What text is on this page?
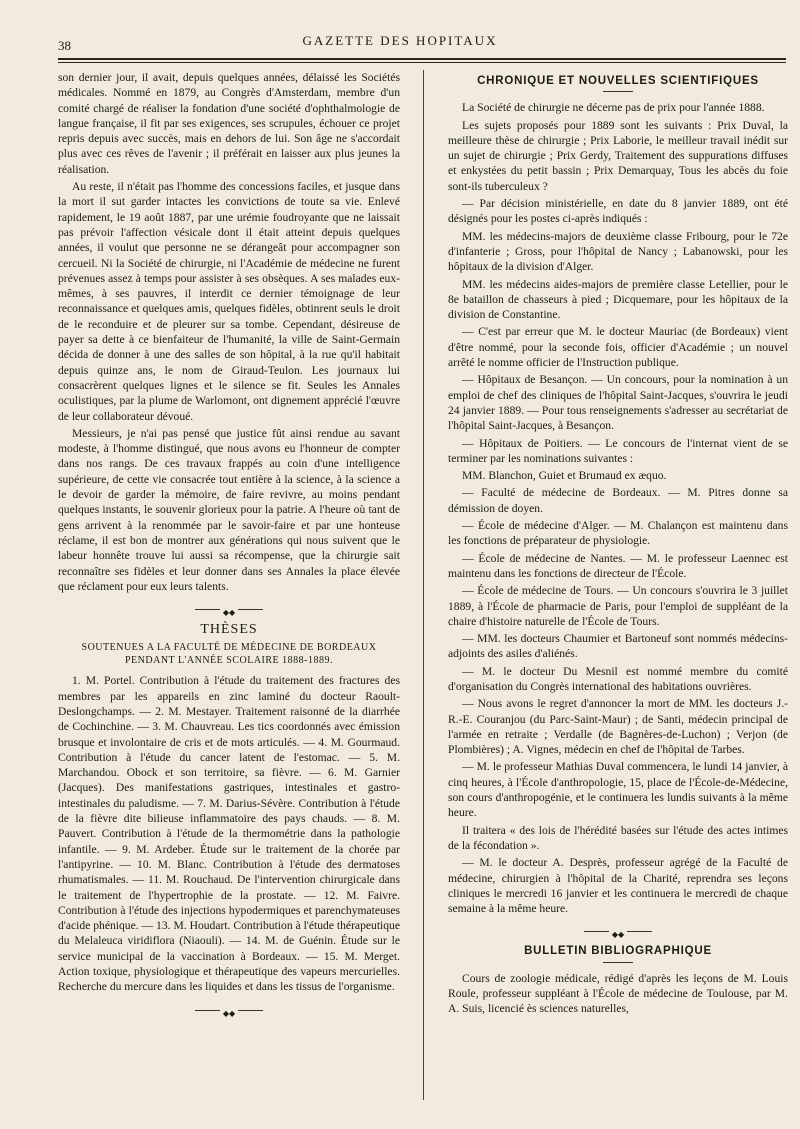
38	GAZETTE DES HOPITAUX

son dernier jour, il avait, depuis quelques années, délaissé les Sociétés médicales. Nommé en 1879, au Congrès d'Amsterdam, membre d'un comité chargé de réaliser la fondation d'une société d'ophthalmologie de langue française, il fit par ses exigences, ses scrupules, échouer ce projet repris depuis avec succès, mais en dehors de lui. Son âge ne s'accordait plus avec ces rêves de l'avenir ; il préférait en laisser aux plus jeunes la réalisation.

Au reste, il n'était pas l'homme des concessions faciles, et jusque dans la mort il sut garder intactes les convictions de toute sa vie. Enlevé rapidement, le 19 août 1887, par une urémie foudroyante que ne laissait pas prévoir l'affection vésicale dont il était atteint depuis quelques années, il voulut que personne ne se dérangeât pour accompagner son cercueil. Ni la Société de chirurgie, ni l'Académie de médecine ne furent prévenues assez à temps pour assister à ses obsèques. A ses malades eux-mêmes, à ses pauvres, il interdit ce dernier témoignage de leur reconnaissance et quelques amis, quelques fidèles, obtinrent seuls le droit de le reconduire et de pleurer sur sa tombe. Cependant, désireuse de payer sa dette à ce bienfaiteur de l'humanité, la ville de Saint-Germain décida de donner à une des salles de son hôpital, à la rue qu'il habitait depuis quinze ans, le nom de Giraud-Teulon. Les journaux lui consacrèrent quelques lignes et le silence se fit. Seules les Annales oculistiques, par la plume de Warlomont, ont dignement apprécié l'œuvre de leur collaborateur dévoué.

Messieurs, je n'ai pas pensé que justice fût ainsi rendue au savant modeste, à l'homme distingué, que nous avons eu l'honneur de compter dans nos rangs. De ces travaux frappés au coin d'une intelligence supérieure, de cette vie consacrée tout entière à la science, à la science a le devoir de garder la mémoire, de faire revivre, au moins pendant quelques instants, le souvenir glorieux pour la patrie. A l'heure où tant de gens arrivent à la renommée par le savoir-faire et par une honteuse réclame, il est bon de montrer aux générations qui nous suivent que le labeur honnête trouve lui aussi sa récompense, que la chirurgie sait reconnaître ses fidèles et leur donner dans ses Annales la place élevée que réclament pour eux leurs talents.

◆◆
THÈSES
SOUTENUES A LA FACULTÉ DE MÉDECINE DE BORDEAUX
PENDANT L'ANNÉE SCOLAIRE 1888-1889.

1. M. Portel. Contribution à l'étude du traitement des fractures des membres par les appareils en zinc laminé du docteur Raoult-Deslongchamps. — 2. M. Mestayer. Traitement raisonné de la diarrhée de Cochinchine. — 3. M. Chauvreau. Les tics coordonnés avec émission brusque et involontaire de cris et de mots articulés. — 4. M. Gourmaud. Contribution à l'étude du cancer latent de l'estomac. — 5. M. Marchandou. Obock et son territoire, sa fièvre. — 6. M. Garnier (Jacques). Des manifestations gastriques, intestinales et gastro-intestinales du paludisme. — 7. M. Darius-Sévère. Contribution à l'étude de la fièvre dite bilieuse inflammatoire des pays chauds. — 8. M. Pauvert. Contribution à l'étude de la thermométrie dans la pathologie infantile. — 9. M. Ardeber. Étude sur le traitement de la chorée par l'antipyrine. — 10. M. Blanc. Contribution à l'étude des dermatoses rhumatismales. — 11. M. Rouchaud. De l'intervention chirurgicale dans le traitement de l'hypertrophie de la prostate. — 12. M. Faivre. Contribution à l'étude des injections hypodermiques et parenchymateuses d'acide phénique. — 13. M. Houdart. Contribution à l'étude thérapeutique du Melaleuca viridiflora (Niaouli). — 14. M. de Guénin. Étude sur le service municipal de la vaccination à Bordeaux. — 15. M. Merget. Action toxique, physiologique et thérapeutique des vapeurs mercurielles. Recherche du mercure dans les liquides et dans les tissus de l'organisme.

◆◆
CHRONIQUE ET NOUVELLES SCIENTIFIQUES

La Société de chirurgie ne décerne pas de prix pour l'année 1888.

Les sujets proposés pour 1889 sont les suivants : Prix Duval, la meilleure thèse de chirurgie ; Prix Laborie, le meilleur travail inédit sur un sujet de chirurgie ; Prix Gerdy, Traitement des suppurations diffuses et enkystées du petit bassin ; Prix Demarquay, Tous les abcès du foie sont-ils tuberculeux ?

— Par décision ministérielle, en date du 8 janvier 1889, ont été désignés pour les postes ci-après indiqués :

MM. les médecins-majors de deuxième classe Fribourg, pour le 72e d'infanterie ; Gross, pour l'hôpital de Nancy ; Labanowski, pour les hôpitaux de la division d'Alger.

MM. les médecins aides-majors de première classe Letellier, pour le 8e bataillon de chasseurs à pied ; Dicquemare, pour les hôpitaux de la division de Constantine.

— C'est par erreur que M. le docteur Mauriac (de Bordeaux) vient d'être nommé, pour la seconde fois, officier d'Académie ; un nouvel arrêté le nomme officier de l'Instruction publique.

— Hôpitaux de Besançon. — Un concours, pour la nomination à un emploi de chef des cliniques de l'hôpital Saint-Jacques, s'ouvrira le jeudi 24 janvier 1889. — Pour tous renseignements s'adresser au secrétariat de l'hôpital Saint-Jacques, à Besançon.

— Hôpitaux de Poitiers. — Le concours de l'internat vient de se terminer par les nominations suivantes :

MM. Blanchon, Guiet et Brumaud ex æquo.

— Faculté de médecine de Bordeaux. — M. Pitres donne sa démission de doyen.

— École de médecine d'Alger. — M. Chalançon est maintenu dans les fonctions de préparateur de physiologie.

— École de médecine de Nantes. — M. le professeur Laennec est maintenu dans les fonctions de directeur de l'École.

— École de médecine de Tours. — Un concours s'ouvrira le 3 juillet 1889, à l'École de pharmacie de Paris, pour l'emploi de suppléant de la chaire d'histoire naturelle de l'École de Tours.

— MM. les docteurs Chaumier et Bartoneuf sont nommés médecins-adjoints des asiles d'aliénés.

— M. le docteur Du Mesnil est nommé membre du comité d'organisation du Congrès international des habitations ouvrières.

— Nous avons le regret d'annoncer la mort de MM. les docteurs J.-R.-E. Couranjou (du Parc-Saint-Maur) ; de Santi, médecin principal de l'armée en retraite ; Verdalle (de Bagnères-de-Luchon) ; Verjon (de Plombières) ; A. Vignes, médecin en chef de l'hôpital de Tarbes.

— M. le professeur Mathias Duval commencera, le lundi 14 janvier, à cinq heures, à l'École d'anthropologie, 15, place de l'École-de-Médecine, son cours d'anthropogénie, et le continuera les lundis suivants à la même heure.

Il traitera « des lois de l'hérédité basées sur l'étude des actes intimes de la fécondation ».

— M. le docteur A. Desprès, professeur agrégé de la Faculté de médecine, chirurgien à l'hôpital de la Charité, reprendra ses leçons cliniques le mercredi 16 janvier et les continuera le mercredi de chaque semaine à la même heure.

◆◆
BULLETIN BIBLIOGRAPHIQUE

Cours de zoologie médicale, rédigé d'après les leçons de M. Louis Roule, professeur suppléant à l'École de médecine de Toulouse, par M. A. Suis, licencié ès sciences naturelles,
